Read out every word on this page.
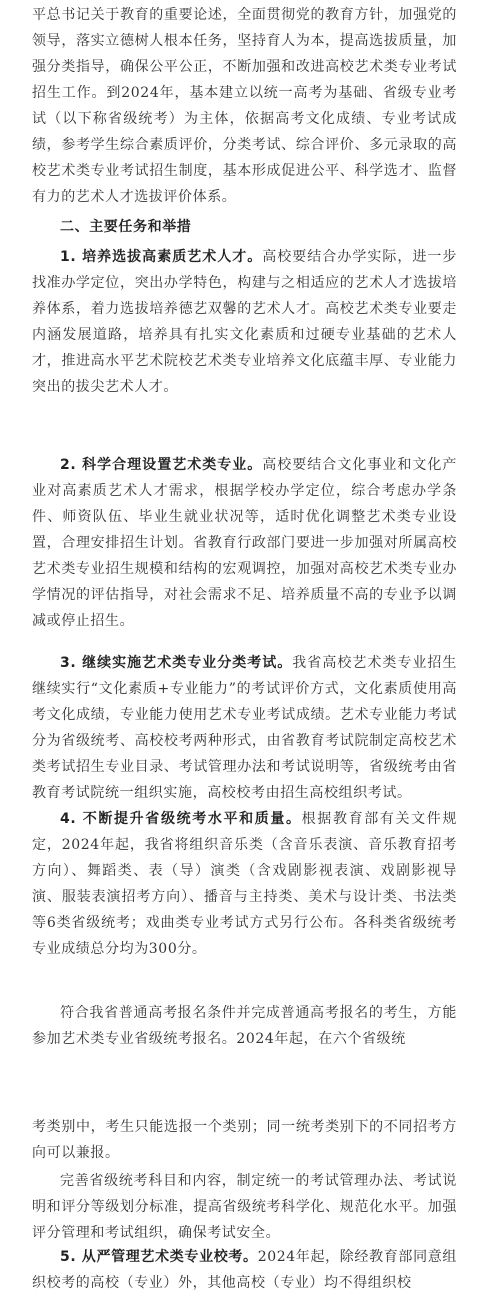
平总书记关于教育的重要论述，全面贯彻党的教育方针，加强党的领导，落实立德树人根本任务，坚持育人为本，提高选拔质量，加强分类指导，确保公平公正，不断加强和改进高校艺术类专业考试招生工作。到2024年，基本建立以统一高考为基础、省级专业考试（以下称省级统考）为主体，依据高考文化成绩、专业考试成绩，参考学生综合素质评价，分类考试、综合评价、多元录取的高校艺术类专业考试招生制度，基本形成促进公平、科学选才、监督有力的艺术人才选拔评价体系。

二、主要任务和举措

1. 培养选拔高素质艺术人才。高校要结合办学实际，进一步找准办学定位，突出办学特色，构建与之相适应的艺术人才选拔培养体系，着力选拔培养德艺双馨的艺术人才。高校艺术类专业要走内涵发展道路，培养具有扎实文化素质和过硬专业基础的艺术人才，推进高水平艺术院校艺术类专业培养文化底蕴丰厚、专业能力突出的拔尖艺术人才。

2. 科学合理设置艺术类专业。高校要结合文化事业和文化产业对高素质艺术人才需求，根据学校办学定位，综合考虑办学条件、师资队伍、毕业生就业状况等，适时优化调整艺术类专业设置，合理安排招生计划。省教育行政部门要进一步加强对所属高校艺术类专业招生规模和结构的宏观调控，加强对高校艺术类专业办学情况的评估指导，对社会需求不足、培养质量不高的专业予以调减或停止招生。

3. 继续实施艺术类专业分类考试。我省高校艺术类专业招生继续实行“文化素质+专业能力”的考试评价方式，文化素质使用高考文化成绩，专业能力使用艺术专业考试成绩。艺术专业能力考试分为省级统考、高校校考两种形式，由省教育考试院制定高校艺术类考试招生专业目录、考试管理办法和考试说明等，省级统考由省教育考试院统一组织实施，高校校考由招生高校组织考试。

4. 不断提升省级统考水平和质量。根据教育部有关文件规定，2024年起，我省将组织音乐类（含音乐表演、音乐教育招考方向）、舞蹈类、表（导）演类（含戏剧影视表演、戏剧影视导演、服装表演招考方向）、播音与主持类、美术与设计类、书法类等6类省级统考；戏曲类专业考试方式另行公布。各科类省级统考专业成绩总分均为300分。

符合我省普通高考报名条件并完成普通高考报名的考生，方能参加艺术类专业省级统考报名。2024年起，在六个省级统

考类别中，考生只能选报一个类别；同一统考类别下的不同招考方向可以兼报。

完善省级统考科目和内容，制定统一的考试管理办法、考试说明和评分等级划分标准，提高省级统考科学化、规范化水平。加强评分管理和考试组织，确保考试安全。

5. 从严管理艺术类专业校考。2024年起，除经教育部同意组织校考的高校（专业）外，其他高校（专业）均不得组织校
